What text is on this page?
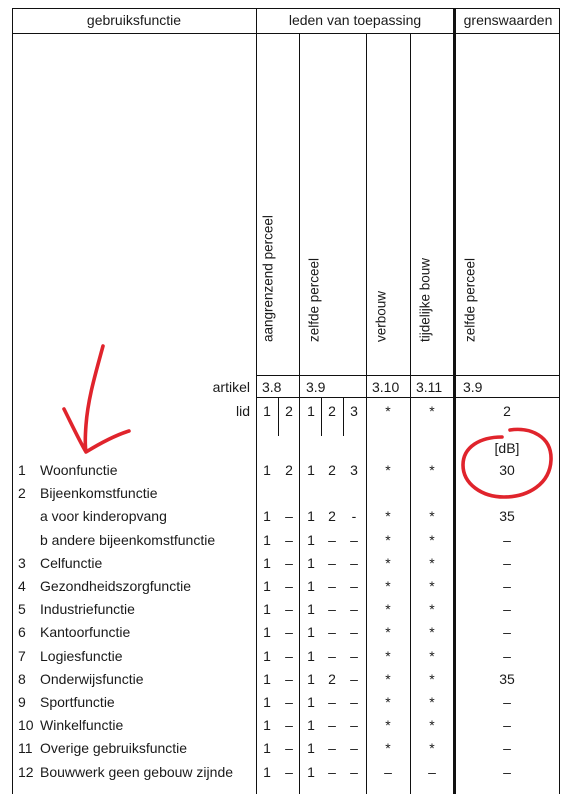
gebruiksfunctie	leden van toepassing	grenswaarden
aangrenzend perceel zelfde perceel	verbouw tijdelijke bouw zelfde perceel
artikel 3.8 3.9	3.10 3.11 3.9
lid 1 2 1 2 3 *	*	2
[dB]
1 Woonfunctie	1 2 1 2 3 *	*	30
2 Bijeenkomstfunctie
a voor kinderopvang	1 – 1 2 - *	*	35
b andere bijeenkomstfunctie	1 – 1 – – *	*	–
3 Celfunctie	1 – 1 – – *	*	–
4 Gezondheidszorgfunctie	1 – 1 – – *	*	–
5 Industriefunctie	1 – 1 – – *	*	–
6 Kantoorfunctie	1 – 1 – – *	*	–
7 Logiesfunctie	1 – 1 – – *	*	–
8 Onderwijsfunctie	1 – 1 2 – *	*	35
9 Sportfunctie	1 – 1 – – *	*	–
10 Winkelfunctie	1 – 1 – – *	*	–
11 Overige gebruiksfunctie	1 – 1 – – *	*	–
12 Bouwwerk geen gebouw zijnde 1 – 1 – – –	–	–
